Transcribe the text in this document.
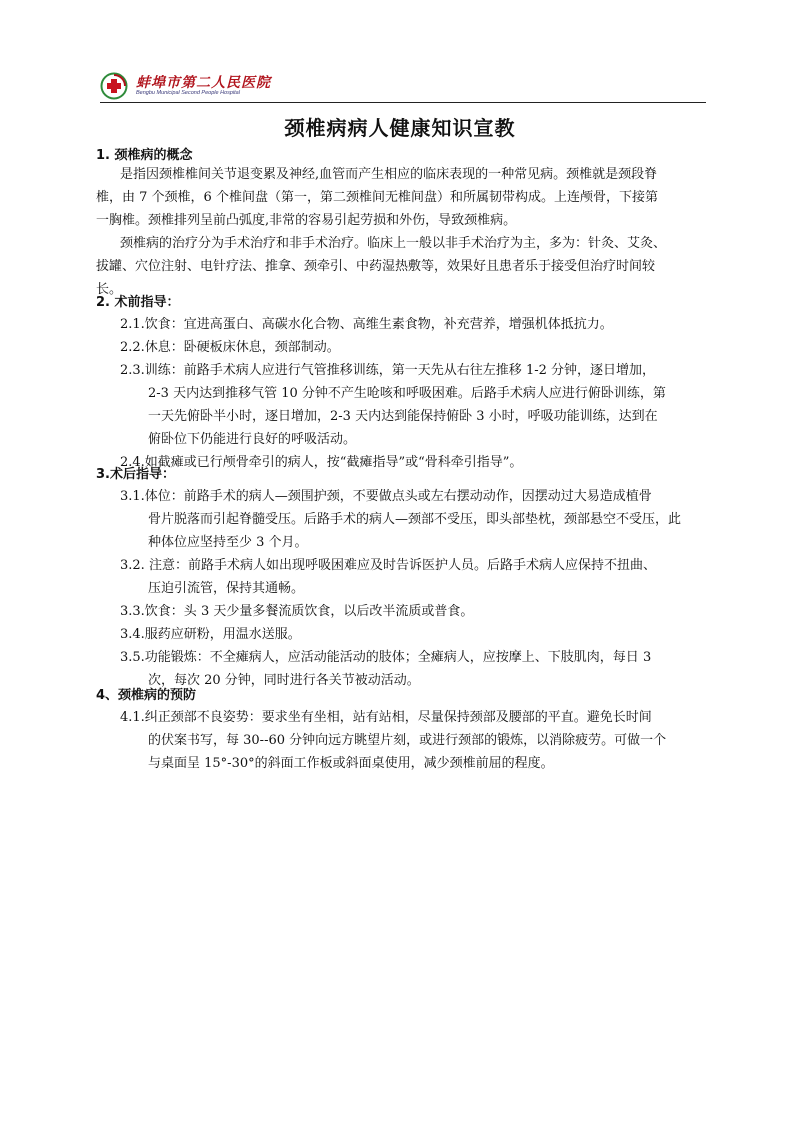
蚌埠市第二人民医院
Bengbu Municipal Second People Hospital
颈椎病病人健康知识宣教
1. 颈椎病的概念
是指因颈椎椎间关节退变累及神经,血管而产生相应的临床表现的一种常见病。颈椎就是颈段脊
椎，由 7 个颈椎，6 个椎间盘（第一，第二颈椎间无椎间盘）和所属韧带构成。上连颅骨，下接第
一胸椎。颈椎排列呈前凸弧度,非常的容易引起劳损和外伤，导致颈椎病。
颈椎病的治疗分为手术治疗和非手术治疗。临床上一般以非手术治疗为主，多为：针灸、艾灸、
拔罐、穴位注射、电针疗法、推拿、颈牵引、中药湿热敷等，效果好且患者乐于接受但治疗时间较
长。
2. 术前指导：
2.1.饮食：宜进高蛋白、高碳水化合物、高维生素食物，补充营养，增强机体抵抗力。
2.2.休息：卧硬板床休息，颈部制动。
2.3.训练：前路手术病人应进行气管推移训练，第一天先从右往左推移 1-2 分钟，逐日增加，
2-3 天内达到推移气管 10 分钟不产生呛咳和呼吸困难。后路手术病人应进行俯卧训练，第
一天先俯卧半小时，逐日增加，2-3 天内达到能保持俯卧 3 小时，呼吸功能训练，达到在
俯卧位下仍能进行良好的呼吸活动。
2.4.如截瘫或已行颅骨牵引的病人，按“截瘫指导”或“骨科牵引指导”。
3.术后指导：
3.1.体位：前路手术的病人—颈围护颈，不要做点头或左右摆动动作，因摆动过大易造成植骨
骨片脱落而引起脊髓受压。后路手术的病人—颈部不受压，即头部垫枕，颈部悬空不受压，此
种体位应坚持至少 3 个月。
3.2. 注意：前路手术病人如出现呼吸困难应及时告诉医护人员。后路手术病人应保持不扭曲、
压迫引流管，保持其通畅。
3.3.饮食：头 3 天少量多餐流质饮食，以后改半流质或普食。
3.4.服药应研粉，用温水送服。
3.5.功能锻炼：不全瘫病人，应活动能活动的肢体；全瘫病人，应按摩上、下肢肌肉，每日 3
次，每次 20 分钟，同时进行各关节被动活动。
4、颈椎病的预防
4.1.纠正颈部不良姿势：要求坐有坐相，站有站相，尽量保持颈部及腰部的平直。避免长时间
的伏案书写，每 30--60 分钟向远方眺望片刻，或进行颈部的锻炼，以消除疲劳。可做一个
与桌面呈 15°-30°的斜面工作板或斜面桌使用，减少颈椎前屈的程度。
